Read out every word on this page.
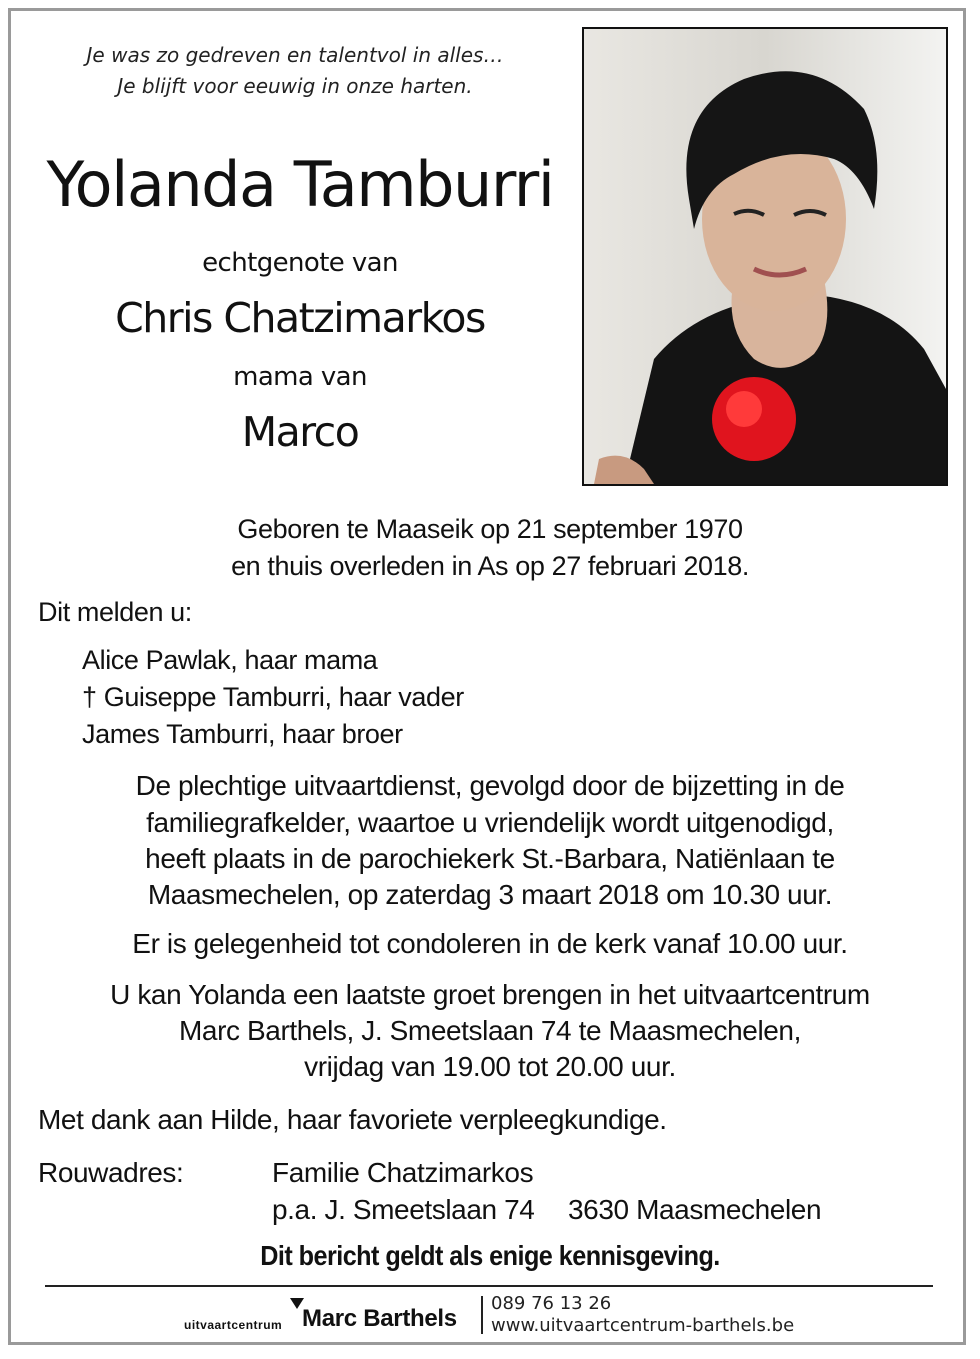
Je was zo gedreven en talentvol in alles…
Je blijft voor eeuwig in onze harten.
Yolanda Tamburri
echtgenote van
Chris Chatzimarkos
mama van
Marco
Geboren te Maaseik op 21 september 1970
en thuis overleden in As op 27 februari 2018.
Dit melden u:
Alice Pawlak, haar mama
† Guiseppe Tamburri, haar vader
James Tamburri, haar broer
De plechtige uitvaartdienst, gevolgd door de bijzetting in de
familiegrafkelder, waartoe u vriendelijk wordt uitgenodigd,
heeft plaats in de parochiekerk St.-Barbara, Natiënlaan te
Maasmechelen, op zaterdag 3 maart 2018 om 10.30 uur.
Er is gelegenheid tot condoleren in de kerk vanaf 10.00 uur.
U kan Yolanda een laatste groet brengen in het uitvaartcentrum
Marc Barthels, J. Smeetslaan 74 te Maasmechelen,
vrijdag van 19.00 tot 20.00 uur.
Met dank aan Hilde, haar favoriete verpleegkundige.
Rouwadres:	Familie Chatzimarkos
p.a. J. Smeetslaan 74 3630 Maasmechelen
Dit bericht geldt als enige kennisgeving.
uitvaartcentrum Marc Barthels
089 76 13 26
www.uitvaartcentrum-barthels.be
